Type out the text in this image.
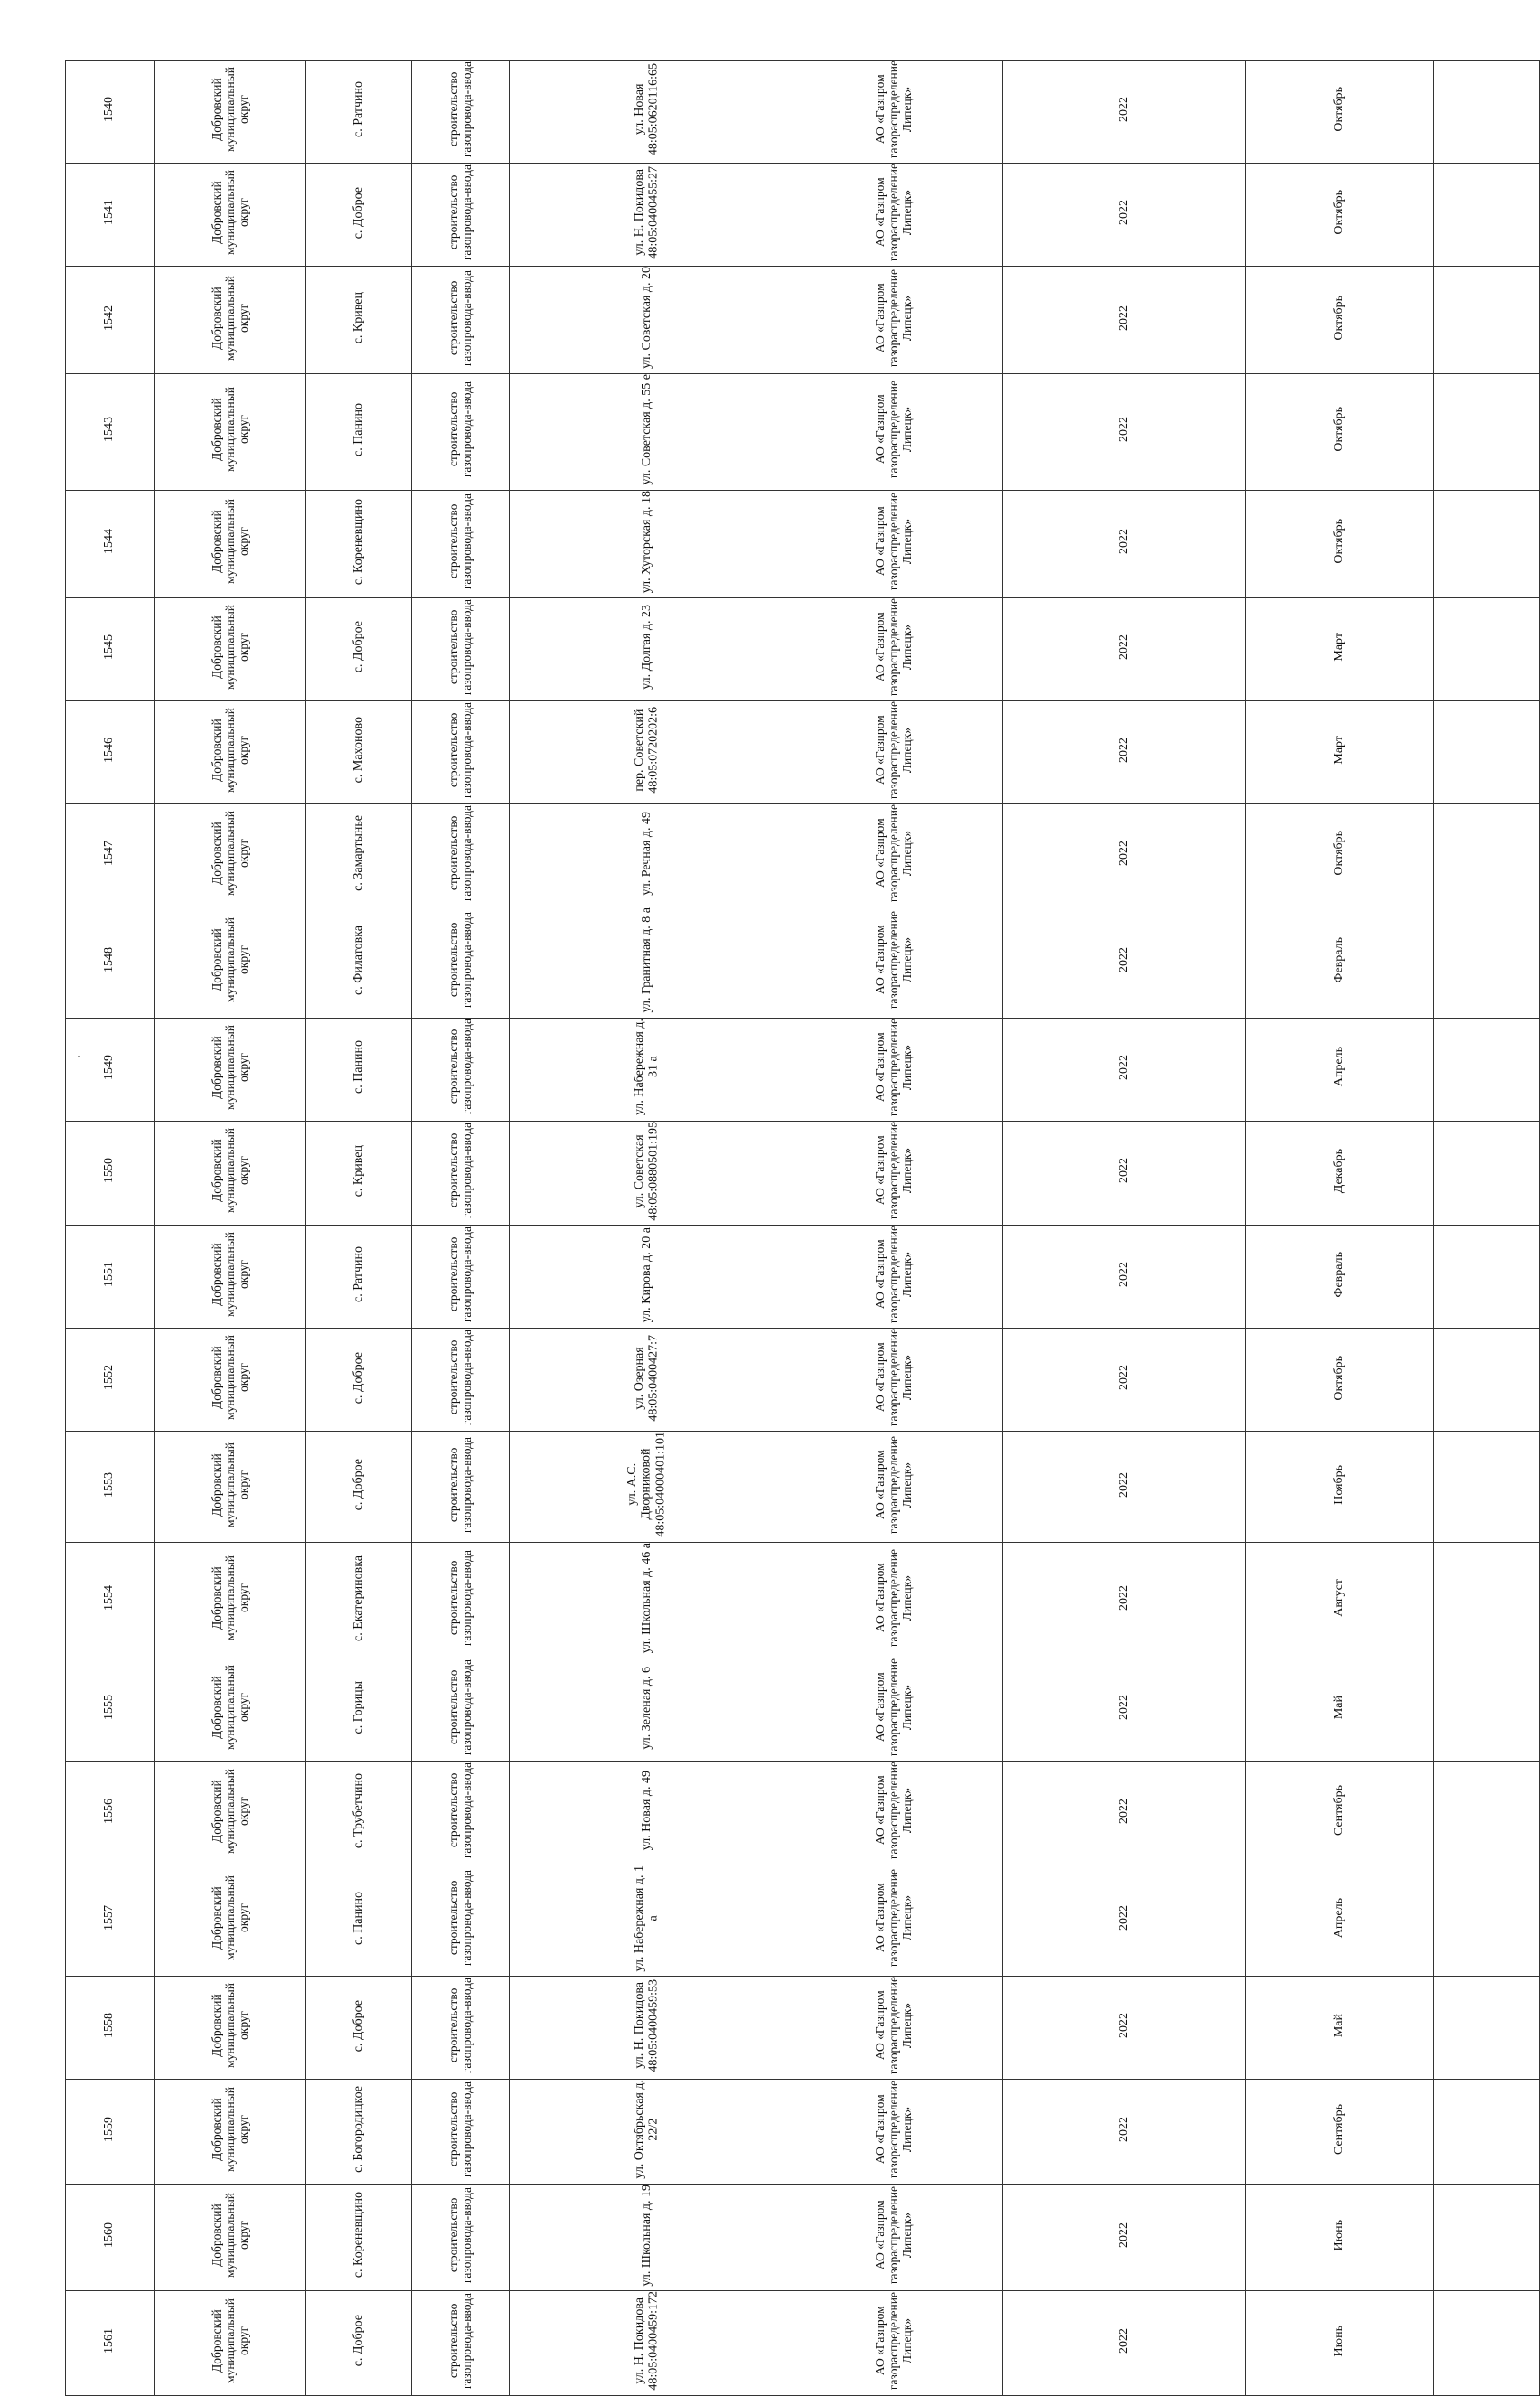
1540	Добровский
муниципальный
округ	с. Ратчино	строительство
газопровода-ввода	ул. Новая
48:05:0620116:65	АО «Газпром
газораспределение
Липецк»	2022	Октябрь	
1541	Добровский
муниципальный
округ	с. Доброе	строительство
газопровода-ввода	ул. Н. Покидова
48:05:0400455:27	АО «Газпром
газораспределение
Липецк»	2022	Октябрь	
1542	Добровский
муниципальный
округ	с. Кривец	строительство
газопровода-ввода	ул. Советская д. 20	АО «Газпром
газораспределение
Липецк»	2022	Октябрь	
1543	Добровский
муниципальный
округ	с. Панино	строительство
газопровода-ввода	ул. Советская д. 55 е	АО «Газпром
газораспределение
Липецк»	2022	Октябрь	
1544	Добровский
муниципальный
округ	с. Кореневщино	строительство
газопровода-ввода	ул. Хуторская д. 18	АО «Газпром
газораспределение
Липецк»	2022	Октябрь	
1545	Добровский
муниципальный
округ	с. Доброе	строительство
газопровода-ввода	ул. Долгая д. 23	АО «Газпром
газораспределение
Липецк»	2022	Март	
1546	Добровский
муниципальный
округ	с. Махоново	строительство
газопровода-ввода	пер. Советский
48:05:0720202:6	АО «Газпром
газораспределение
Липецк»	2022	Март	
1547	Добровский
муниципальный
округ	с. Замартынье	строительство
газопровода-ввода	ул. Речная д. 49	АО «Газпром
газораспределение
Липецк»	2022	Октябрь	
1548	Добровский
муниципальный
округ	с. Филатовка	строительство
газопровода-ввода	ул. Гранитная д. 8 а	АО «Газпром
газораспределение
Липецк»	2022	Февраль	
1549	Добровский
муниципальный
округ	с. Панино	строительство
газопровода-ввода	ул. Набережная д.
31 а	АО «Газпром
газораспределение
Липецк»	2022	Апрель	
1550	Добровский
муниципальный
округ	с. Кривец	строительство
газопровода-ввода	ул. Советская
48:05:0880501:195	АО «Газпром
газораспределение
Липецк»	2022	Декабрь	
1551	Добровский
муниципальный
округ	с. Ратчино	строительство
газопровода-ввода	ул. Кирова д. 20 а	АО «Газпром
газораспределение
Липецк»	2022	Февраль	
1552	Добровский
муниципальный
округ	с. Доброе	строительство
газопровода-ввода	ул. Озерная
48:05:0400427:7	АО «Газпром
газораспределение
Липецк»	2022	Октябрь	
1553	Добровский
муниципальный
округ	с. Доброе	строительство
газопровода-ввода	ул. А.С.
Дворниковой
48:05:04000401:101	АО «Газпром
газораспределение
Липецк»	2022	Ноябрь	
1554	Добровский
муниципальный
округ	с. Екатериновка	строительство
газопровода-ввода	ул. Школьная д. 46 а	АО «Газпром
газораспределение
Липецк»	2022	Август	
1555	Добровский
муниципальный
округ	с. Горицы	строительство
газопровода-ввода	ул. Зеленая д. 6	АО «Газпром
газораспределение
Липецк»	2022	Май	
1556	Добровский
муниципальный
округ	с. Трубетчино	строительство
газопровода-ввода	ул. Новая д. 49	АО «Газпром
газораспределение
Липецк»	2022	Сентябрь	
1557	Добровский
муниципальный
округ	с. Панино	строительство
газопровода-ввода	ул. Набережная д. 1
а	АО «Газпром
газораспределение
Липецк»	2022	Апрель	
1558	Добровский
муниципальный
округ	с. Доброе	строительство
газопровода-ввода	ул. Н. Покидова
48:05:0400459:53	АО «Газпром
газораспределение
Липецк»	2022	Май	
1559	Добровский
муниципальный
округ	с. Богородицкое	строительство
газопровода-ввода	ул. Октябрьская д.
22/2	АО «Газпром
газораспределение
Липецк»	2022	Сентябрь	
1560	Добровский
муниципальный
округ	с. Кореневщино	строительство
газопровода-ввода	ул. Школьная д. 19	АО «Газпром
газораспределение
Липецк»	2022	Июнь	
1561	Добровский
муниципальный
округ	с. Доброе	строительство
газопровода-ввода	ул. Н. Покидова
48:05:0400459:172	АО «Газпром
газораспределение
Липецк»	2022	Июнь	
